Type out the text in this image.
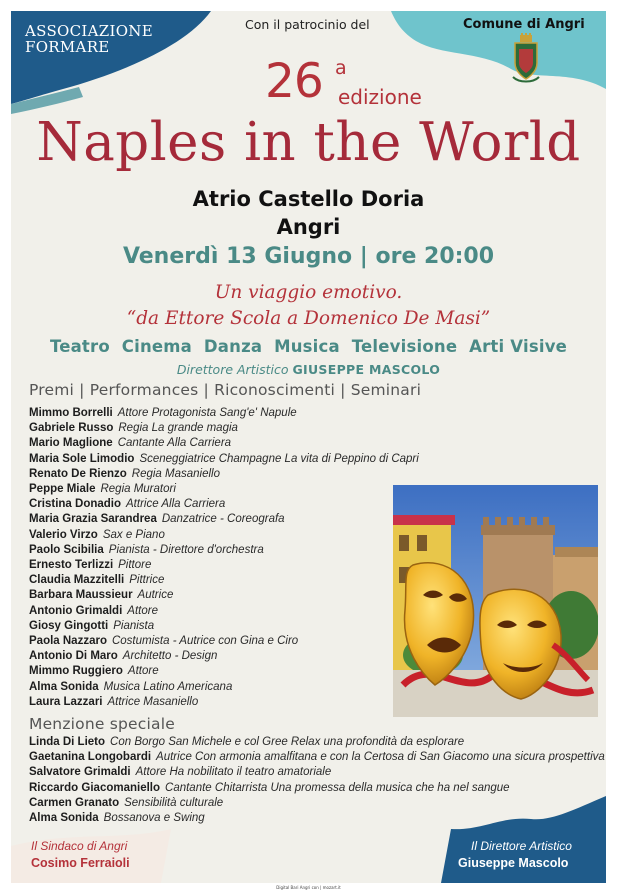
ASSOCIAZIONE FORMARE
Con il patrocinio del	Comune di Angri
26 a
edizione
Naples in the World
Atrio Castello Doria
Angri
Venerdì 13 Giugno | ore 20:00
Un viaggio emotivo.
“da Ettore Scola a Domenico De Masi”
Teatro  Cinema  Danza  Musica  Televisione  Arti Visive
Direttore Artistico GIUSEPPE MASCOLO
Premi | Performances | Riconoscimenti | Seminari
Mimmo Borrelli Attore Protagonista Sang'e' Napule
Gabriele Russo Regia La grande magia
Mario Maglione Cantante Alla Carriera
Maria Sole Limodio Sceneggiatrice Champagne La vita di Peppino di Capri
Renato De Rienzo Regia Masaniello
Peppe Miale Regia Muratori
Cristina Donadio Attrice Alla Carriera
Maria Grazia Sarandrea Danzatrice - Coreografa
Valerio Virzo Sax e Piano
Paolo Scibilia Pianista - Direttore d'orchestra
Ernesto Terlizzi Pittore
Claudia Mazzitelli Pittrice
Barbara Maussieur Autrice
Antonio Grimaldi Attore
Giosy Gingotti Pianista
Paola Nazzaro Costumista - Autrice con Gina e Ciro
Antonio Di Maro Architetto - Design
Mimmo Ruggiero Attore
Alma Sonida Musica Latino Americana
Laura Lazzari Attrice Masaniello
Menzione speciale
Linda Di Lieto Con Borgo San Michele e col Gree Relax una profondità da esplorare
Gaetanina Longobardi Autrice Con armonia amalfitana e con la Certosa di San Giacomo una sicura prospettiva
Salvatore Grimaldi Attore Ha nobilitato il teatro amatoriale
Riccardo Giacomaniello Cantante Chitarrista Una promessa della musica che ha nel sangue
Carmen Granato Sensibilità culturale
Alma Sonida Bossanova e Swing
Il Sindaco di Angri
Cosimo Ferraioli
Il Direttore Artistico
Giuseppe Mascolo
Digital Bari Angri con | mozart.it
